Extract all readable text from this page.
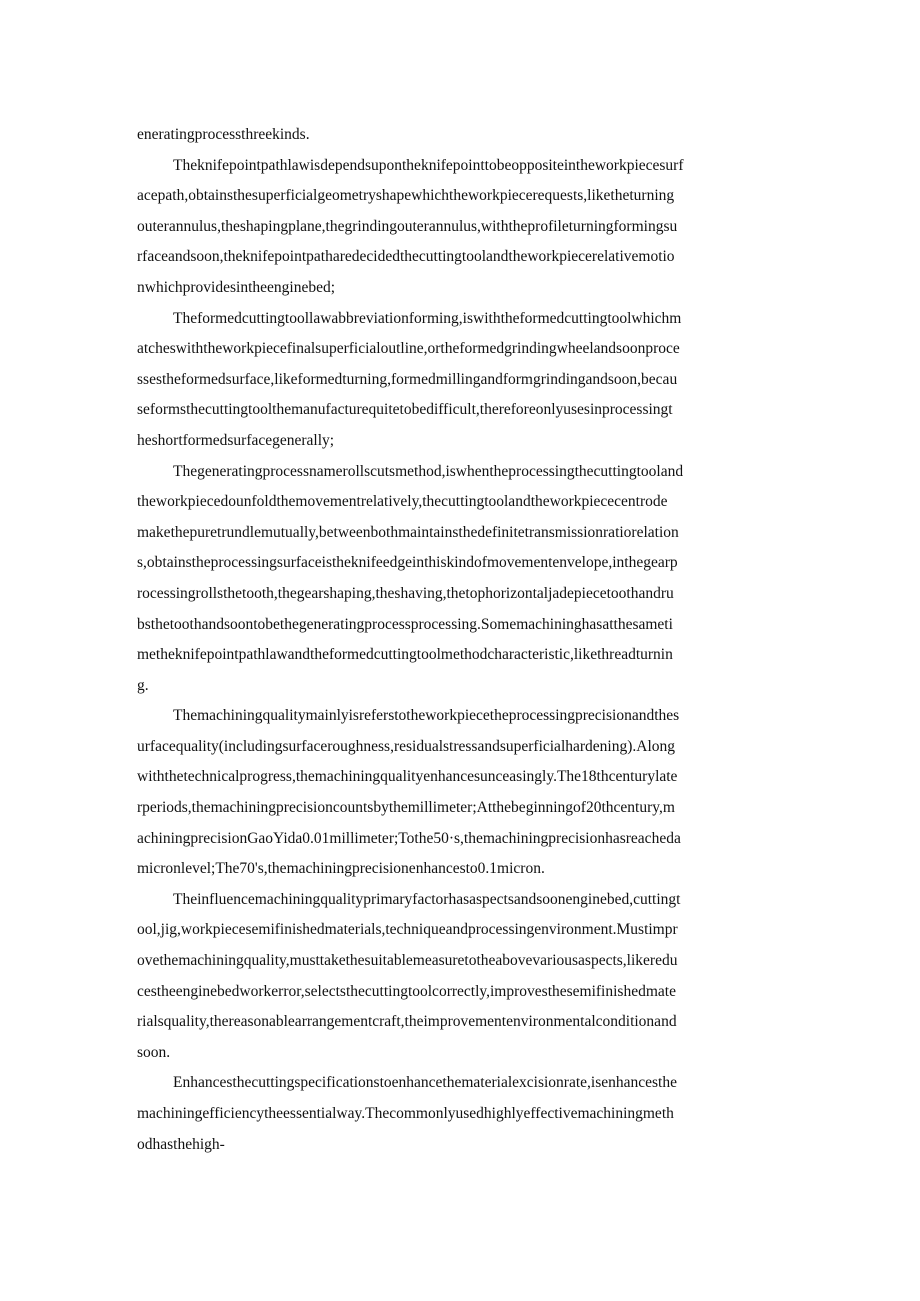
eneratingprocessthreekinds.
Theknifepointpathlawisdependsupontheknifepointtobeoppositeintheworkpiecesurf
acepath,obtainsthesuperficialgeometryshapewhichtheworkpiecerequests,liketheturning
outerannulus,theshapingplane,thegrindingouterannulus,withtheprofileturningformingsu
rfaceandsoon,theknifepointpatharedecidedthecuttingtoolandtheworkpiecerelativemotio
nwhichprovidesintheenginebed;
Theformedcuttingtoollawabbreviationforming,iswiththeformedcuttingtoolwhichm
atcheswiththeworkpiecefinalsuperficialoutline,ortheformedgrindingwheelandsoonproce
ssestheformedsurface,likeformedturning,formedmillingandformgrindingandsoon,becau
seformsthecuttingtoolthemanufacturequitetobedifficult,thereforeonlyusesinprocessingt
heshortformedsurfacegenerally;
Thegeneratingprocessnamerollscutsmethod,iswhentheprocessingthecuttingtooland
theworkpiecedounfoldthemovementrelatively,thecuttingtoolandtheworkpiececentrode
makethepuretrundlemutually,betweenbothmaintainsthedefinitetransmissionratiorelation
s,obtainstheprocessingsurfaceistheknifeedgeinthiskindofmovementenvelope,inthegearp
rocessingrollsthetooth,thegearshaping,theshaving,thetophorizontaljadepiecetoothandru
bsthetoothandsoontobethegeneratingprocessprocessing.Somemachininghasatthesameti
metheknifepointpathlawandtheformedcuttingtoolmethodcharacteristic,likethreadturnin
g.
Themachiningqualitymainlyisreferstotheworkpiecetheprocessingprecisionandthes
urfacequality(includingsurfaceroughness,residualstressandsuperficialhardening).Along
withthetechnicalprogress,themachiningqualityenhancesunceasingly.The18thcenturylate
rperiods,themachiningprecisioncountsbythemillimeter;Atthebeginningof20thcentury,m
achiningprecisionGaoYida0.01millimeter;Tothe50·s,themachiningprecisionhasreacheda
micronlevel;The70's,themachiningprecisionenhancesto0.1micron.
Theinfluencemachiningqualityprimaryfactorhasaspectsandsoonenginebed,cuttingt
ool,jig,workpiecesemifinishedmaterials,techniqueandprocessingenvironment.Mustimpr
ovethemachiningquality,musttakethesuitablemeasuretotheabovevariousaspects,likeredu
cestheenginebedworkerror,selectsthecuttingtoolcorrectly,improvesthesemifinishedmate
rialsquality,thereasonablearrangementcraft,theimprovementenvironmentalconditionand
soon.
Enhancesthecuttingspecificationstoenhancethematerialexcisionrate,isenhancesthe
machiningefficiencytheessentialway.Thecommonlyusedhighlyeffectivemachiningmeth
odhasthehigh-
